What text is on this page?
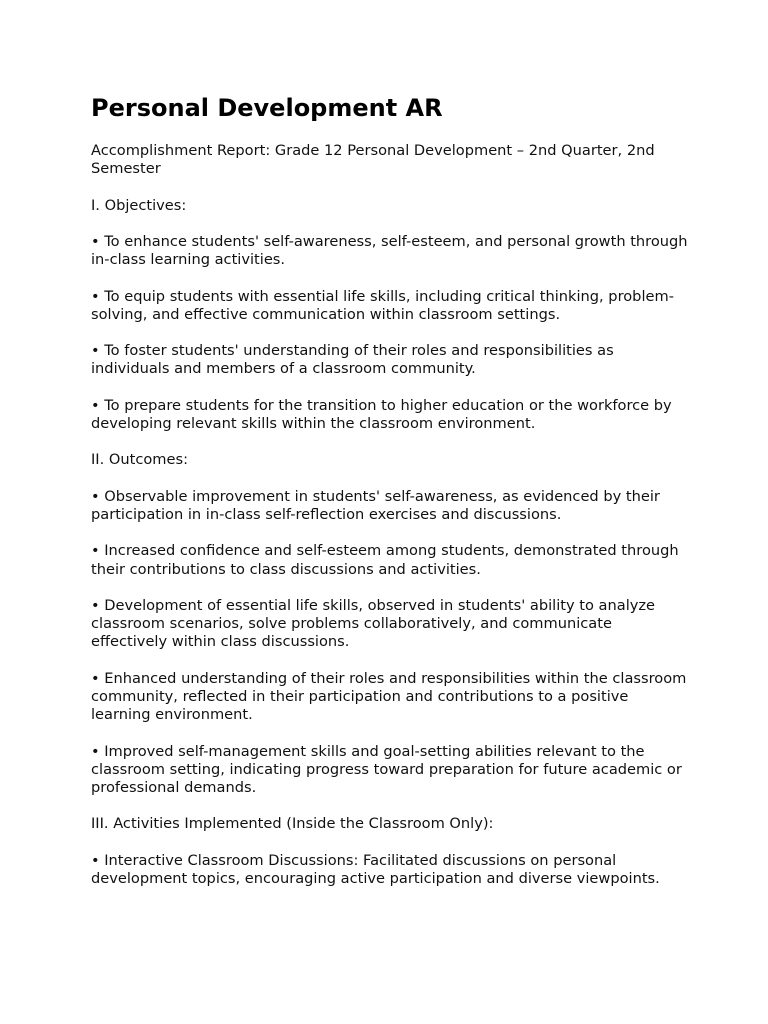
Personal Development AR

Accomplishment Report: Grade 12 Personal Development – 2nd Quarter, 2nd Semester

I. Objectives:

• To enhance students' self-awareness, self-esteem, and personal growth through in-class learning activities.

• To equip students with essential life skills, including critical thinking, problem-solving, and effective communication within classroom settings.

• To foster students' understanding of their roles and responsibilities as individuals and members of a classroom community.

• To prepare students for the transition to higher education or the workforce by developing relevant skills within the classroom environment.

II. Outcomes:

• Observable improvement in students' self-awareness, as evidenced by their participation in in-class self-reflection exercises and discussions.

• Increased confidence and self-esteem among students, demonstrated through their contributions to class discussions and activities.

• Development of essential life skills, observed in students' ability to analyze classroom scenarios, solve problems collaboratively, and communicate effectively within class discussions.

• Enhanced understanding of their roles and responsibilities within the classroom community, reflected in their participation and contributions to a positive learning environment.

• Improved self-management skills and goal-setting abilities relevant to the classroom setting, indicating progress toward preparation for future academic or professional demands.

III. Activities Implemented (Inside the Classroom Only):

• Interactive Classroom Discussions: Facilitated discussions on personal development topics, encouraging active participation and diverse viewpoints.
